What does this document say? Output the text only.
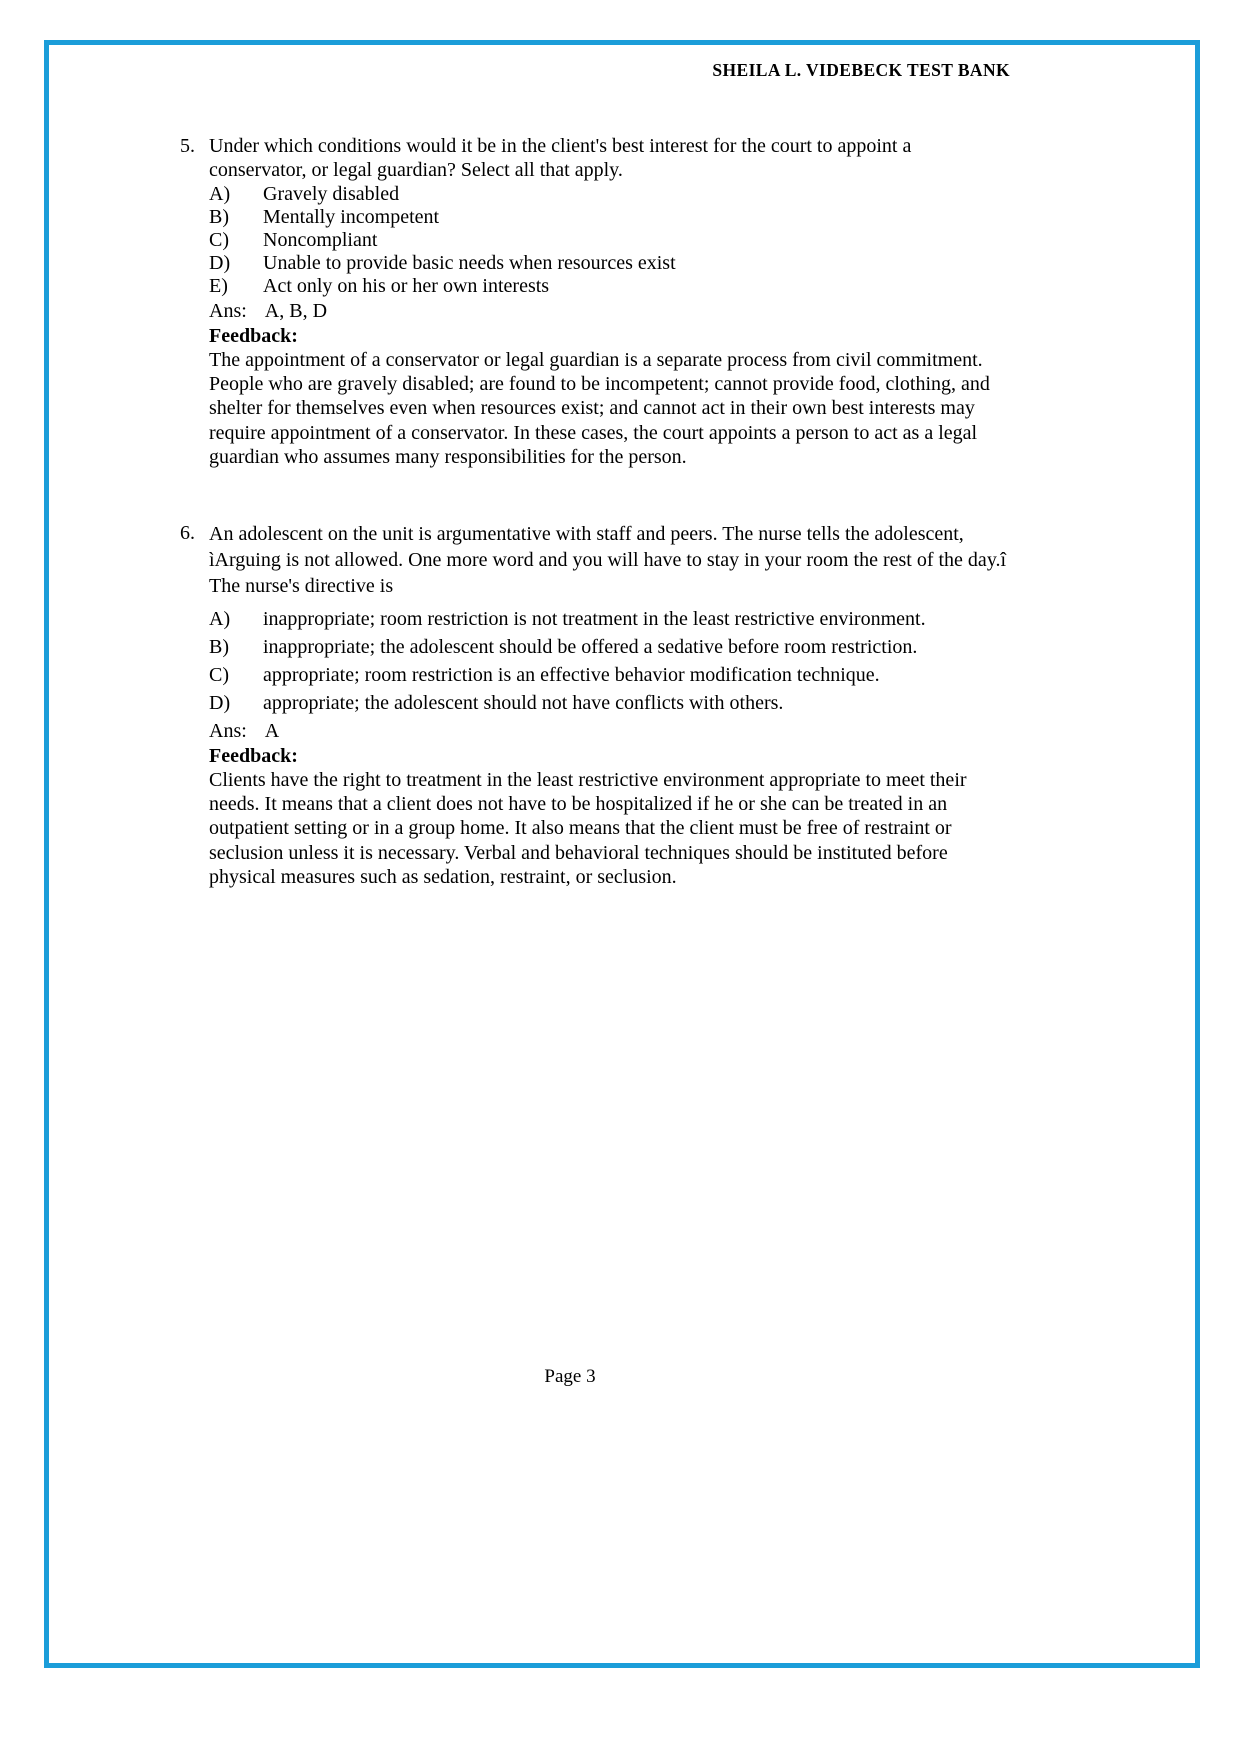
SHEILA L. VIDEBECK TEST BANK
5. Under which conditions would it be in the client's best interest for the court to appoint a conservator, or legal guardian? Select all that apply.
A)	Gravely disabled
B)	Mentally incompetent
C)	Noncompliant
D)	Unable to provide basic needs when resources exist
E)	Act only on his or her own interests
Ans: A, B, D
Feedback:
The appointment of a conservator or legal guardian is a separate process from civil commitment. People who are gravely disabled; are found to be incompetent; cannot provide food, clothing, and shelter for themselves even when resources exist; and cannot act in their own best interests may require appointment of a conservator. In these cases, the court appoints a person to act as a legal guardian who assumes many responsibilities for the person.
6. An adolescent on the unit is argumentative with staff and peers. The nurse tells the adolescent, ìArguing is not allowed. One more word and you will have to stay in your room the rest of the day.î The nurse's directive is
A)	inappropriate; room restriction is not treatment in the least restrictive environment.
B)	inappropriate; the adolescent should be offered a sedative before room restriction.
C)	appropriate; room restriction is an effective behavior modification technique.
D)	appropriate; the adolescent should not have conflicts with others.
Ans: A
Feedback:
Clients have the right to treatment in the least restrictive environment appropriate to meet their needs. It means that a client does not have to be hospitalized if he or she can be treated in an outpatient setting or in a group home. It also means that the client must be free of restraint or seclusion unless it is necessary. Verbal and behavioral techniques should be instituted before physical measures such as sedation, restraint, or seclusion.
Page 3
